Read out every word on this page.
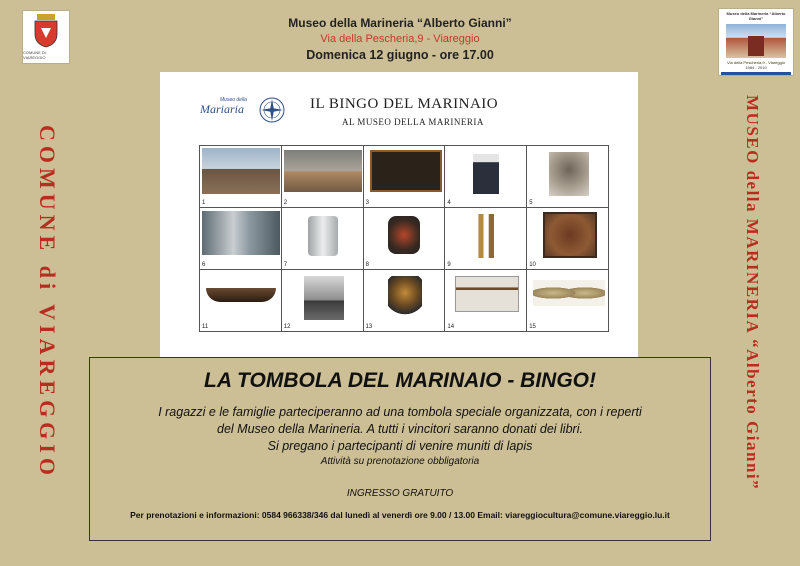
COMUNE DI VIAREGGIO
Museo della Marineria “Alberto Gianni”
Via della Pescheria,9 - Viareggio
Domenica 12 giugno - ore 17.00
Museo della Marineria “Alberto Gianni”
Via della Pescheria,9 - Viareggio
1984 - 2010
COMUNE di VIAREGGIO	MUSEO della MARINERIA “Alberto Gianni”
Museo della
Mariaria	IL BINGO DEL MARINAIO
AL MUSEO DELLA MARINERIA
1	2	3	4	5

6	7	8	9	10

11	12	13	14	15
LA TOMBOLA DEL MARINAIO - BINGO!
I ragazzi e le famiglie parteciperanno ad una tombola speciale organizzata, con i reperti
del Museo della Marineria. A tutti i vincitori saranno donati dei libri.
Si pregano i partecipanti di venire muniti di lapis
Attività su prenotazione obbligatoria
INGRESSO GRATUITO
Per prenotazioni e informazioni: 0584 966338/346 dal lunedì al venerdì ore 9.00 / 13.00 Email: viareggiocultura@comune.viareggio.lu.it
